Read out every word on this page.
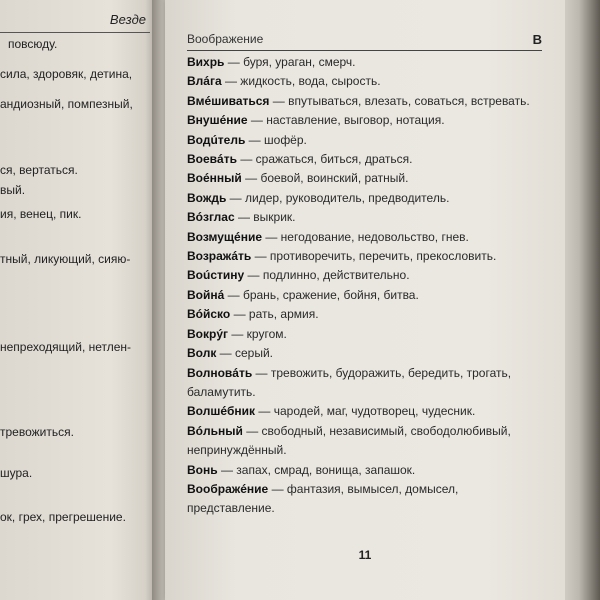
Везде
повсюду.
сила, здоровяк, детина,
андиозный, помпезный,
ся, вертаться.
вый.
ия, венец, пик.
тный, ликующий, сияю-
непреходящий, нетлен-
тревожиться.
шура.
ок, грех, прегрешение.
Воображение	В
Вихрь — буря, ураган, смерч.
Влáга — жидкость, вода, сырость.
Вмéшиваться — впутываться, влезать, соваться, встревать.
Внушéние — наставление, выговор, нотация.
Водúтель — шофёр.
Воевáть — сражаться, биться, драться.
Воéнный — боевой, воинский, ратный.
Вождь — лидер, руководитель, предводитель.
Вóзглас — выкрик.
Возмущéние — негодование, недовольство, гнев.
Возражáть — противоречить, перечить, прекословить.
Воúстину — подлинно, действительно.
Войнá — брань, сражение, бойня, битва.
Вóйско — рать, армия.
Вокрýг — кругом.
Волк — серый.
Волновáть — тревожить, будоражить, бередить, трогать, баламутить.
Волшéбник — чародей, маг, чудотворец, чудесник.
Вóльный — свободный, независимый, свободолюбивый, непринуждённый.
Вонь — запах, смрад, вонища, запашок.
Воображéние — фантазия, вымысел, домысел, представление.
11
